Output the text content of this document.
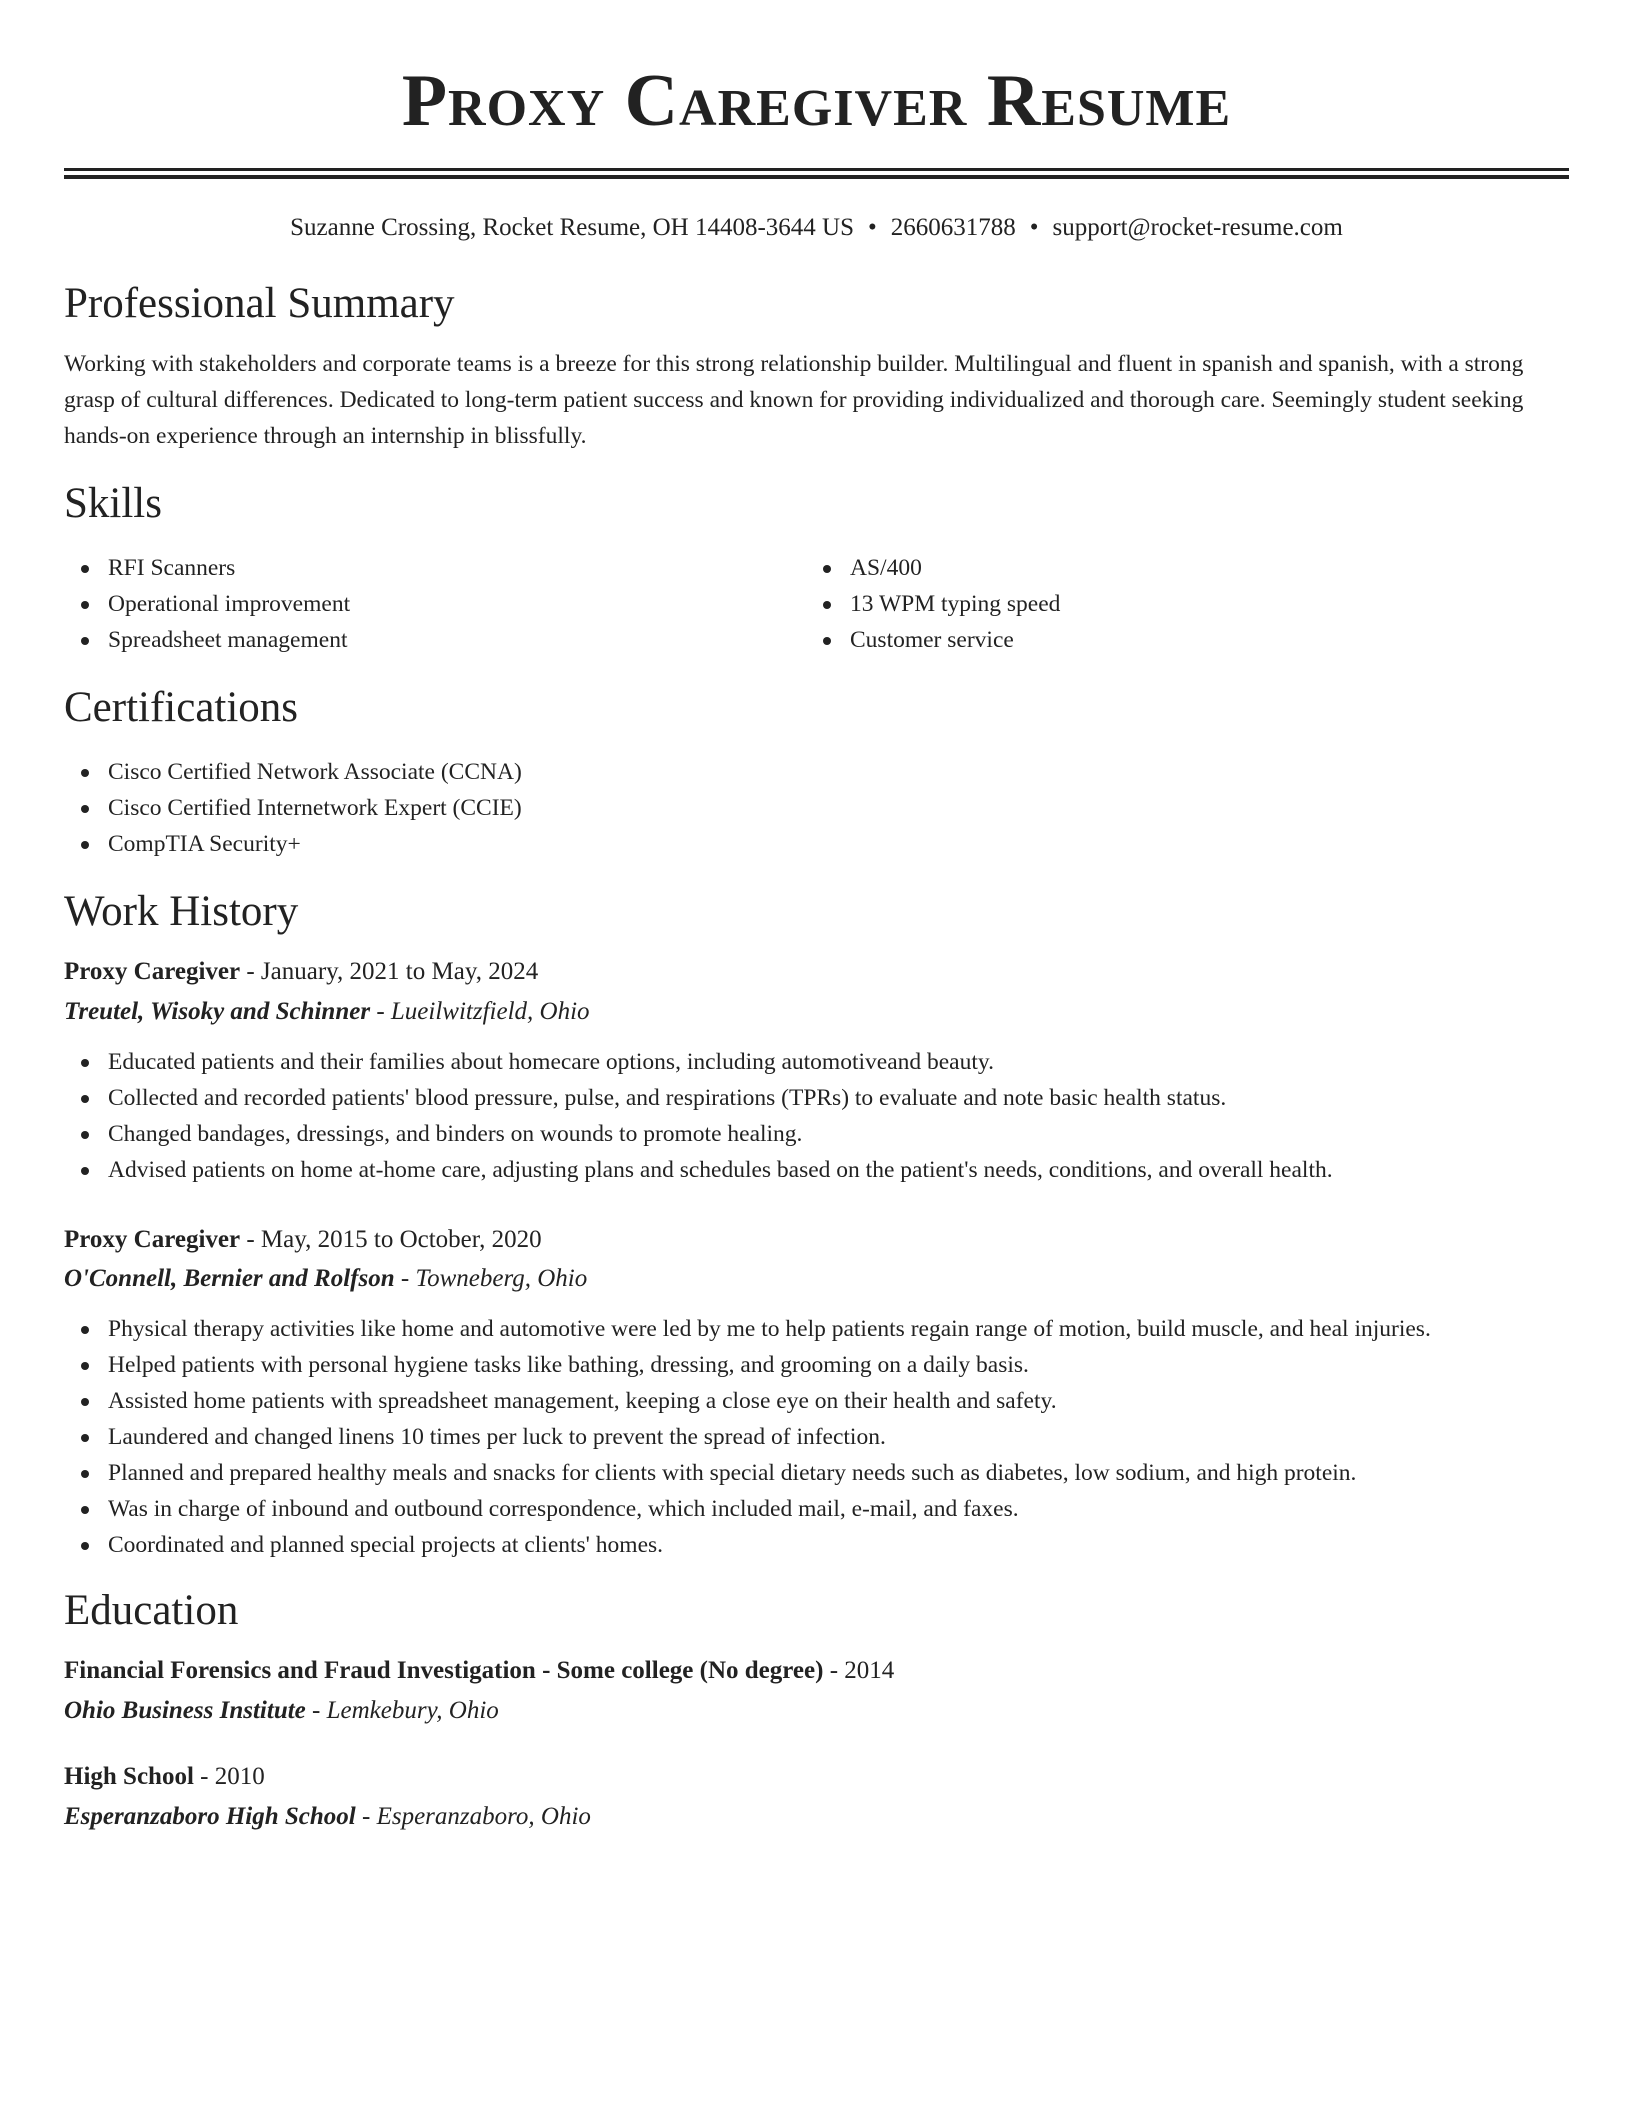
Proxy Caregiver Resume
Suzanne Crossing, Rocket Resume, OH 14408-3644 US • 2660631788 • support@rocket-resume.com
Professional Summary

Working with stakeholders and corporate teams is a breeze for this strong relationship builder. Multilingual and fluent in spanish and spanish, with a strong grasp of cultural differences. Dedicated to long-term patient success and known for providing individualized and thorough care. Seemingly student seeking hands-on experience through an internship in blissfully.

Skills
RFI Scanners
Operational improvement
Spreadsheet management
AS/400
13 WPM typing speed
Customer service
Certifications
Cisco Certified Network Associate (CCNA)
Cisco Certified Internetwork Expert (CCIE)
CompTIA Security+
Work History
Proxy Caregiver - January, 2021 to May, 2024
Treutel, Wisoky and Schinner - Lueilwitzfield, Ohio
Educated patients and their families about homecare options, including automotiveand beauty.
Collected and recorded patients' blood pressure, pulse, and respirations (TPRs) to evaluate and note basic health status.
Changed bandages, dressings, and binders on wounds to promote healing.
Advised patients on home at-home care, adjusting plans and schedules based on the patient's needs, conditions, and overall health.
Proxy Caregiver - May, 2015 to October, 2020
O'Connell, Bernier and Rolfson - Towneberg, Ohio
Physical therapy activities like home and automotive were led by me to help patients regain range of motion, build muscle, and heal injuries.
Helped patients with personal hygiene tasks like bathing, dressing, and grooming on a daily basis.
Assisted home patients with spreadsheet management, keeping a close eye on their health and safety.
Laundered and changed linens 10 times per luck to prevent the spread of infection.
Planned and prepared healthy meals and snacks for clients with special dietary needs such as diabetes, low sodium, and high protein.
Was in charge of inbound and outbound correspondence, which included mail, e-mail, and faxes.
Coordinated and planned special projects at clients' homes.
Education
Financial Forensics and Fraud Investigation - Some college (No degree) - 2014
Ohio Business Institute - Lemkebury, Ohio
High School - 2010
Esperanzaboro High School - Esperanzaboro, Ohio
